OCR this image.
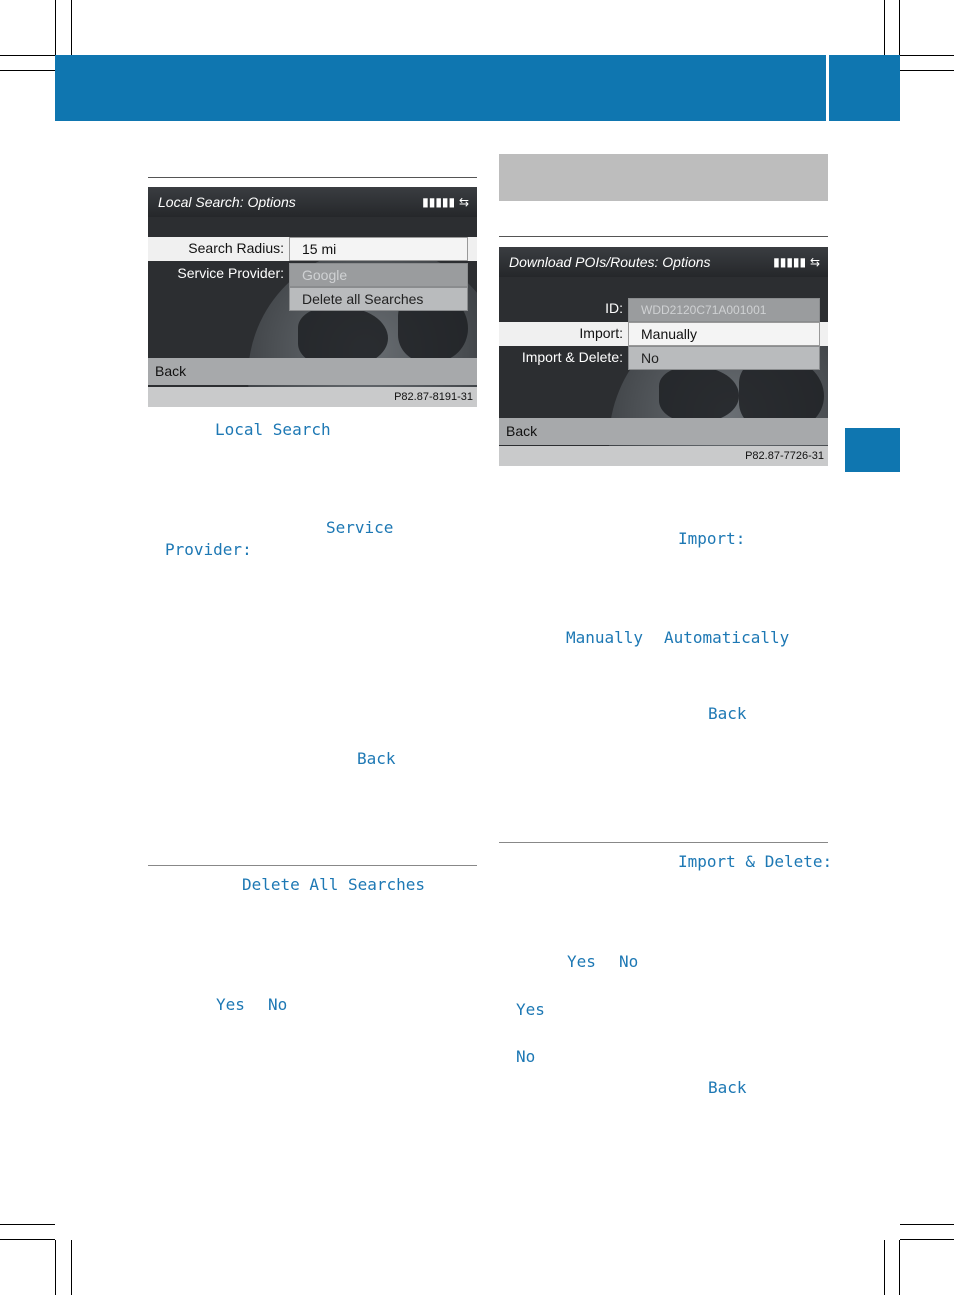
Local Search: Options	▮▮▮▮▮ ⇆
Search Radius:	15 mi
Service Provider:	Google
Delete all Searches
Back
P82.87-8191-31
Local Search
Service
Provider:
Back
Delete All Searches
Yes No
Download POIs/Routes: Options	▮▮▮▮▮ ⇆
ID:	WDD2120C71A001001
Import:	Manually
Import & Delete:	No
Back
P82.87-7726-31
Import:
Manually Automatically
Back
Import & Delete:
Yes No
Yes
No
Back
